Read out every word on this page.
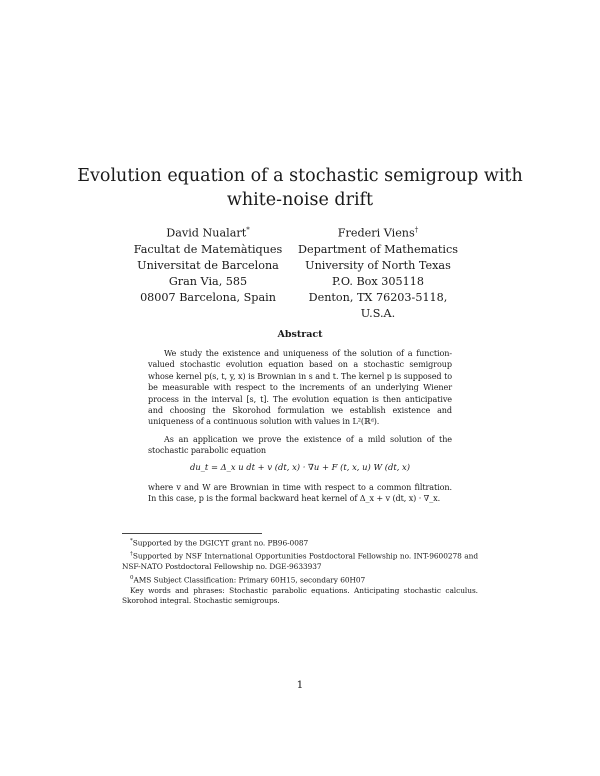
Evolution equation of a stochastic semigroup with
white-noise drift
David Nualart*
Facultat de Matemàtiques
Universitat de Barcelona
Gran Via, 585
08007 Barcelona, Spain
Frederi Viens†
Department of Mathematics
University of North Texas
P.O. Box 305118
Denton, TX 76203-5118, U.S.A.
Abstract

We study the existence and uniqueness of the solution of a function-valued stochastic evolution equation based on a stochastic semigroup whose kernel p(s, t, y, x) is Brownian in s and t. The kernel p is supposed to be measurable with respect to the increments of an underlying Wiener process in the interval [s, t]. The evolution equation is then anticipative and choosing the Skorohod formulation we establish existence and uniqueness of a continuous solution with values in L²(ℝᵈ).

As an application we prove the existence of a mild solution of the stochastic parabolic equation

du_t = Δ_x u dt + v (dt, x) · ∇u + F (t, x, u) W (dt, x)

where v and W are Brownian in time with respect to a common filtration. In this case, p is the formal backward heat kernel of Δ_x + v (dt, x) · ∇_x.

*Supported by the DGICYT grant no. PB96-0087
†Supported by NSF International Opportunities Postdoctoral Fellowship no. INT-9600278 and NSF-NATO Postdoctoral Fellowship no. DGE-9633937
$^0$AMS Subject Classification: Primary 60H15, secondary 60H07
Key words and phrases: Stochastic parabolic equations. Anticipating stochastic calculus. Skorohod integral. Stochastic semigroups.
1
